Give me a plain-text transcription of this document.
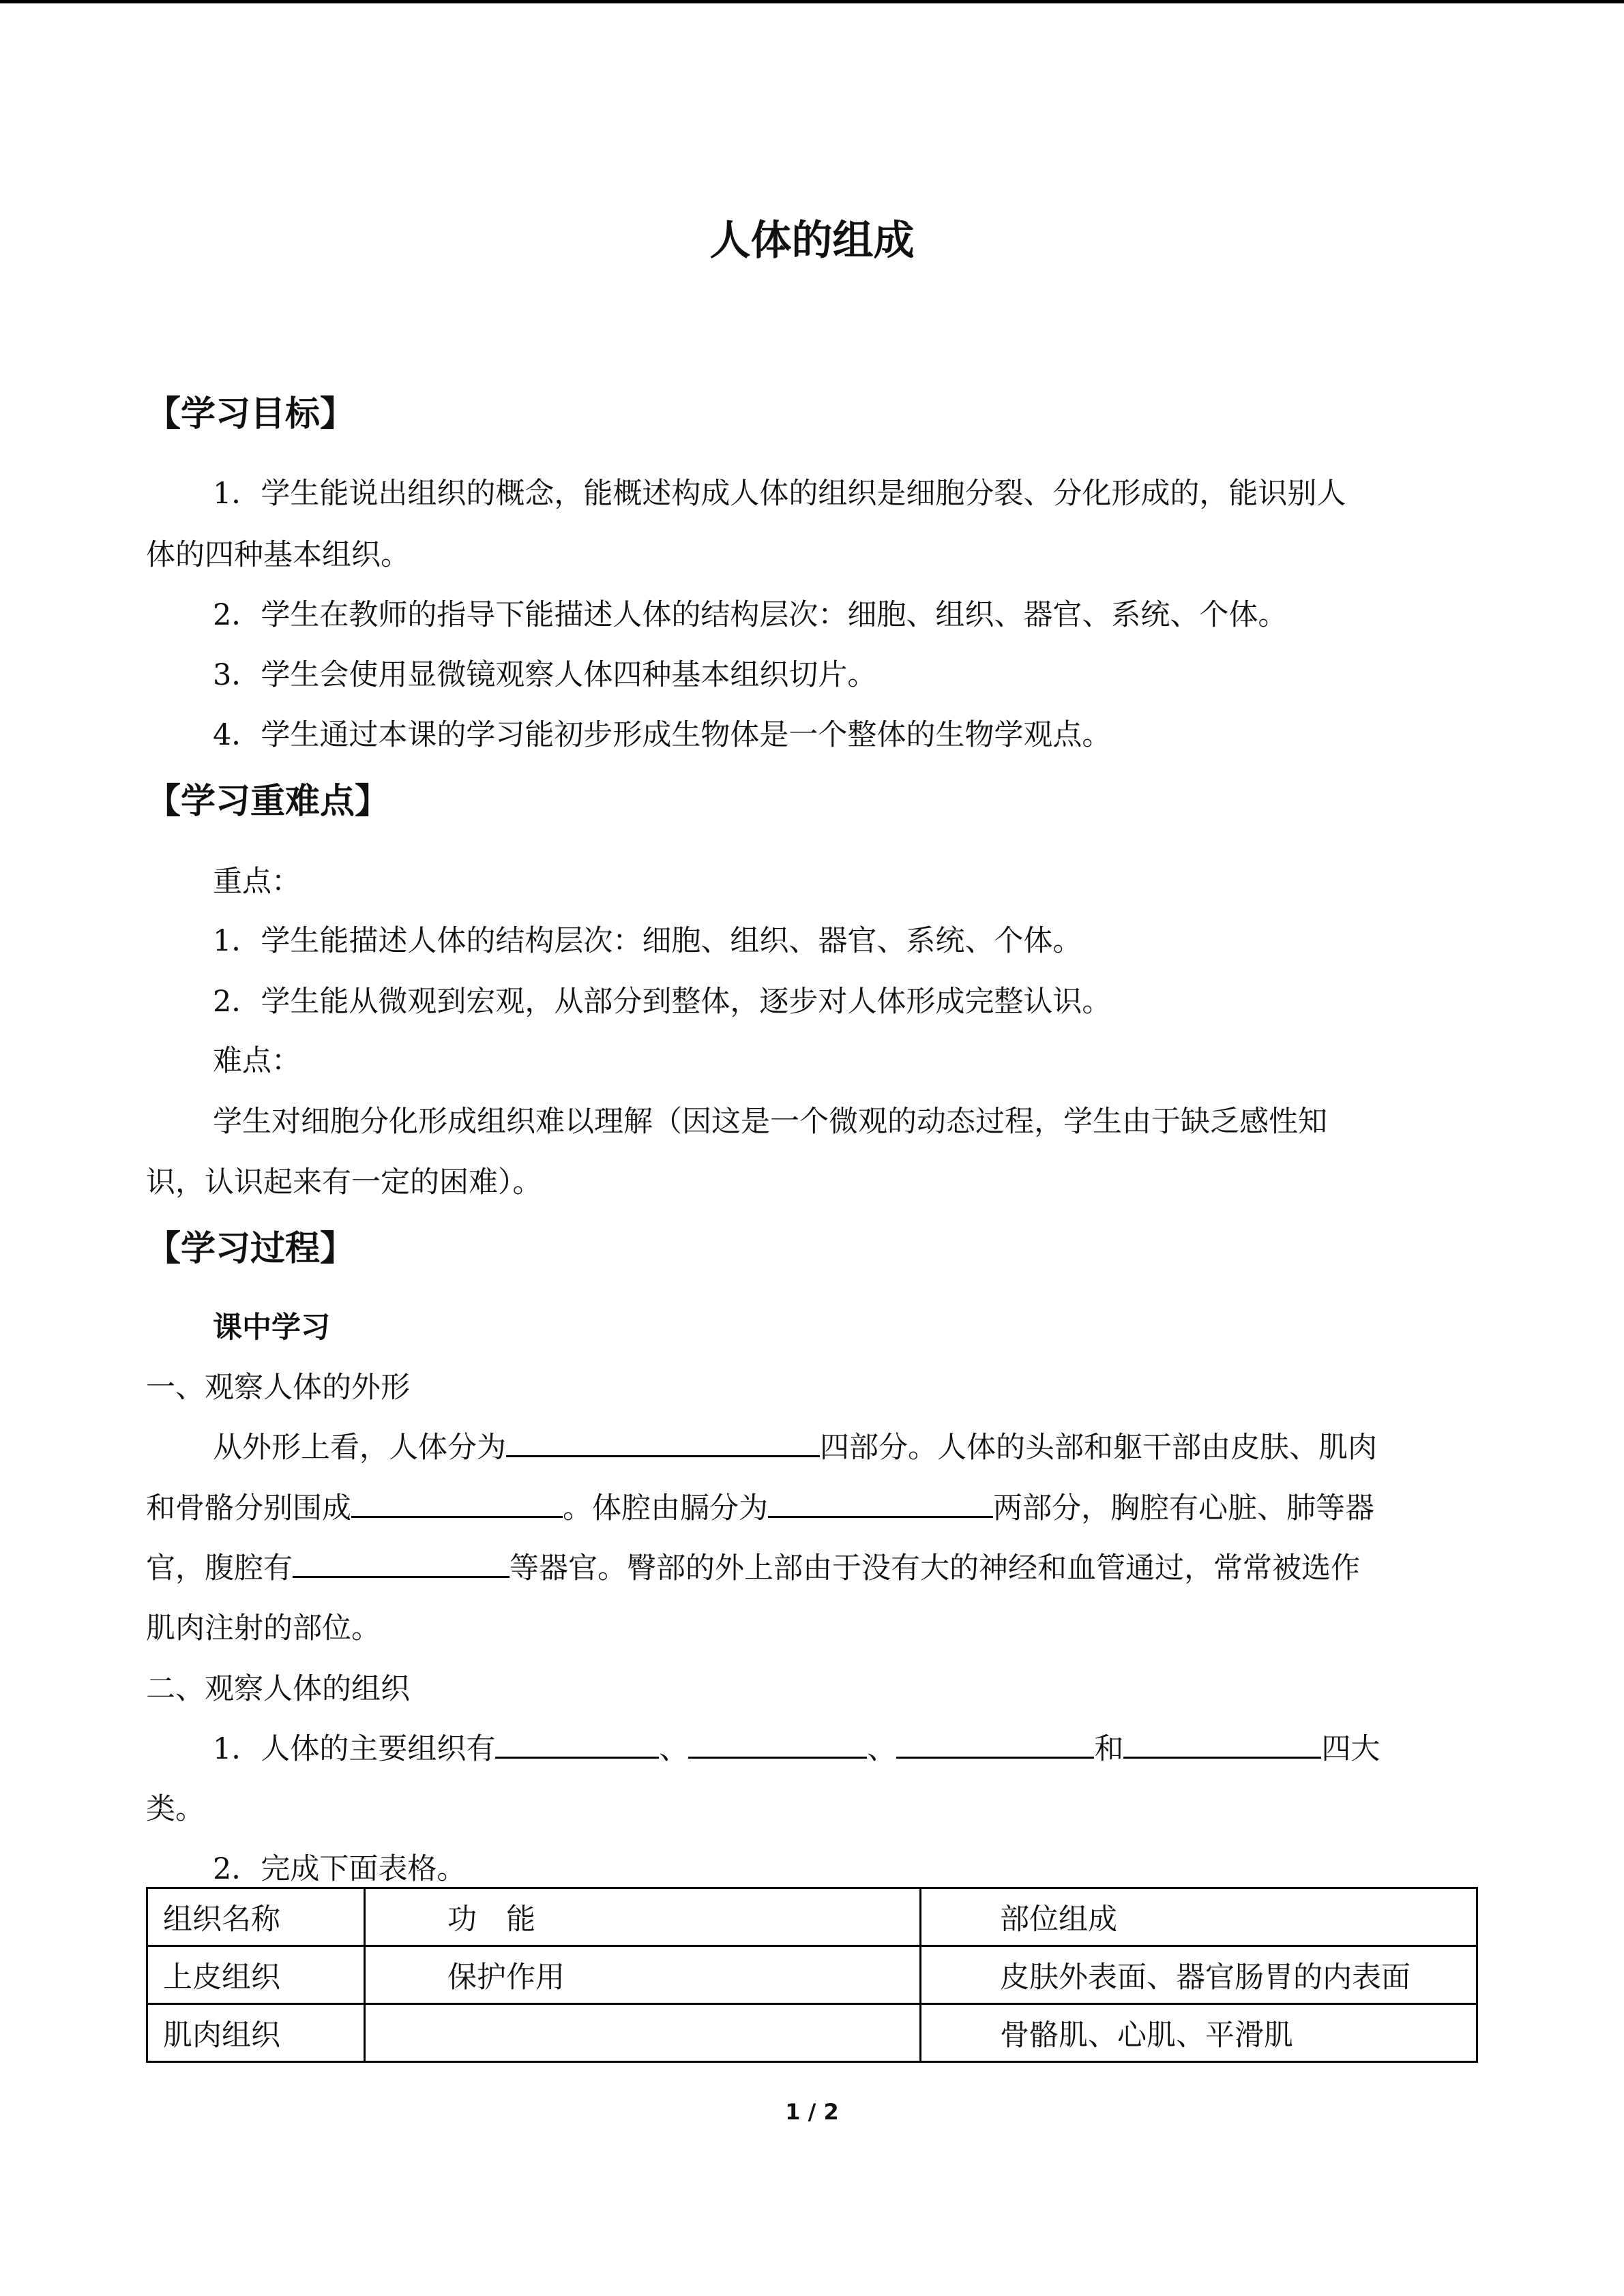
人体的组成
【学习目标】
1．学生能说出组织的概念，能概述构成人体的组织是细胞分裂、分化形成的，能识别人
体的四种基本组织。
2．学生在教师的指导下能描述人体的结构层次：细胞、组织、器官、系统、个体。
3．学生会使用显微镜观察人体四种基本组织切片。
4．学生通过本课的学习能初步形成生物体是一个整体的生物学观点。
【学习重难点】
重点：
1．学生能描述人体的结构层次：细胞、组织、器官、系统、个体。
2．学生能从微观到宏观，从部分到整体，逐步对人体形成完整认识。
难点：
学生对细胞分化形成组织难以理解（因这是一个微观的动态过程，学生由于缺乏感性知
识，认识起来有一定的困难）。
【学习过程】
课中学习
一、观察人体的外形
从外形上看，人体分为	四部分。人体的头部和躯干部由皮肤、肌肉
和骨骼分别围成	。体腔由膈分为	两部分，胸腔有心脏、肺等器
官，腹腔有	等器官。臀部的外上部由于没有大的神经和血管通过，常常被选作
肌肉注射的部位。
二、观察人体的组织
1．人体的主要组织有	、	、	和	四大
类。
2．完成下面表格。
组织名称	功　能	部位组成
上皮组织	保护作用	皮肤外表面、器官肠胃的内表面
肌肉组织		骨骼肌、心肌、平滑肌
1 / 2
